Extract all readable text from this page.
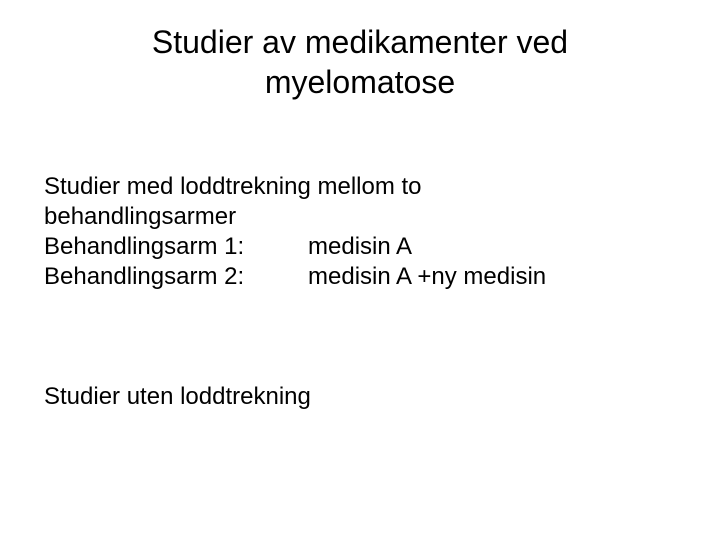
Studier av medikamenter ved
myelomatose
Studier med loddtrekning mellom to
behandlingsarmer
Behandlingsarm 1:	medisin A
Behandlingsarm 2:	medisin A +ny medisin
Studier uten loddtrekning
